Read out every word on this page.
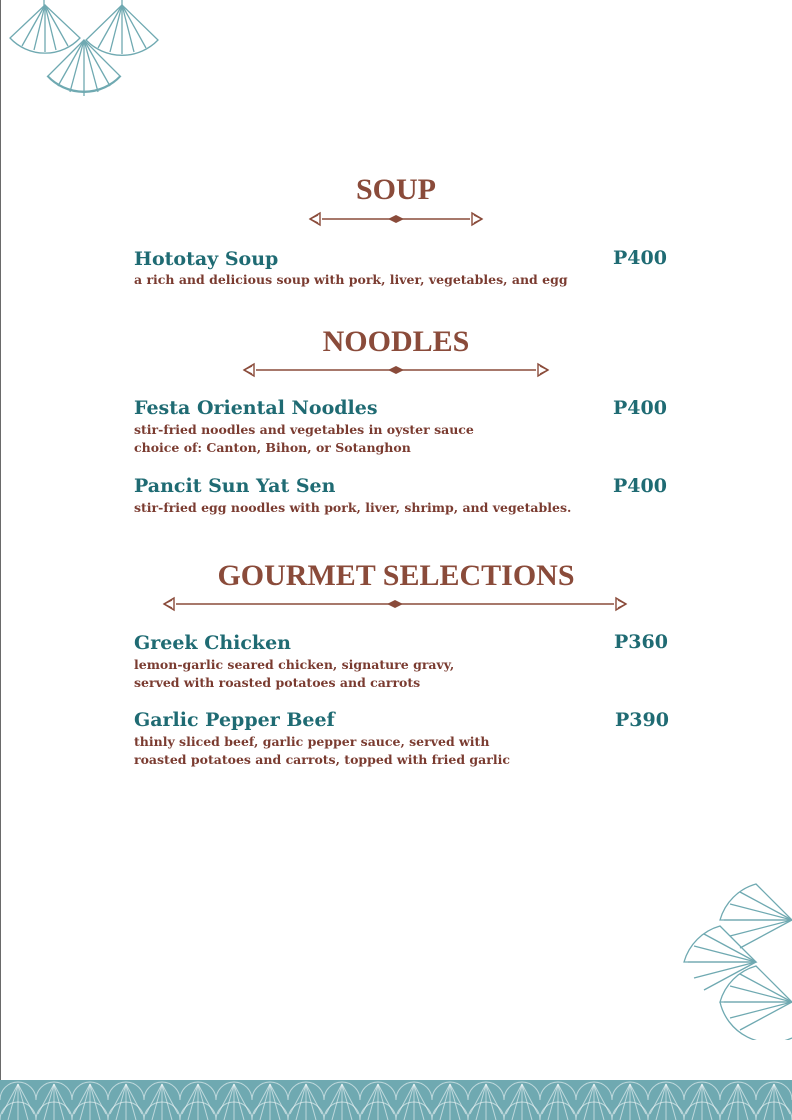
SOUP
Hototay Soup	P400
a rich and delicious soup with pork, liver, vegetables, and egg
NOODLES
Festa Oriental Noodles	P400
stir-fried noodles and vegetables in oyster sauce
choice of: Canton, Bihon, or Sotanghon
Pancit Sun Yat Sen	P400
stir-fried egg noodles with pork, liver, shrimp, and vegetables.
GOURMET SELECTIONS
Greek Chicken	P360
lemon-garlic seared chicken, signature gravy,
served with roasted potatoes and carrots
Garlic Pepper Beef	P390
thinly sliced beef, garlic pepper sauce, served with
roasted potatoes and carrots, topped with fried garlic
